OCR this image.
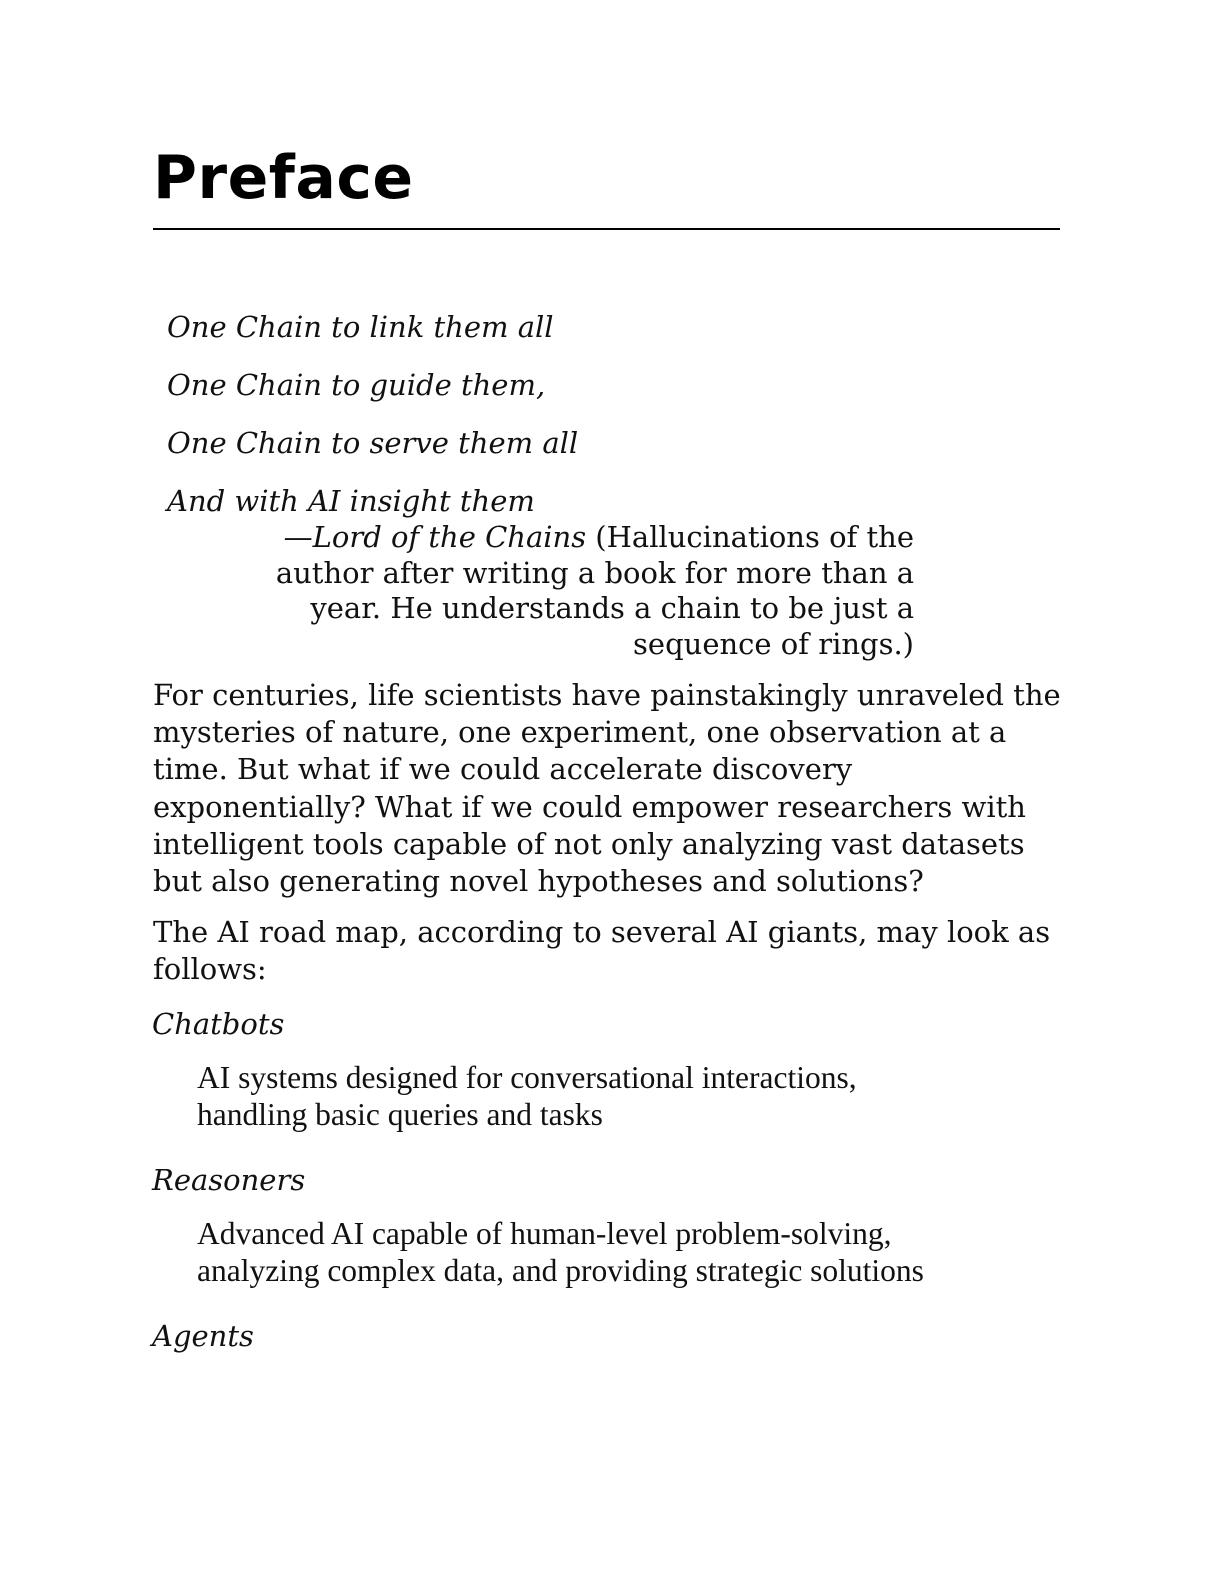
Preface
One Chain to link them all
One Chain to guide them,
One Chain to serve them all
And with AI insight them
—Lord of the Chains (Hallucinations of the
author after writing a book for more than a
year. He understands a chain to be just a
sequence of rings.)

For centuries, life scientists have painstakingly unraveled the mysteries of nature, one experiment, one observation at a time. But what if we could accelerate discovery exponentially? What if we could empower researchers with intelligent tools capable of not only analyzing vast datasets but also generating novel hypotheses and solutions?

The AI road map, according to several AI giants, may look as follows:

Chatbots

AI systems designed for conversational interactions,
handling basic queries and tasks

Reasoners

Advanced AI capable of human-level problem-solving,
analyzing complex data, and providing strategic solutions

Agents
